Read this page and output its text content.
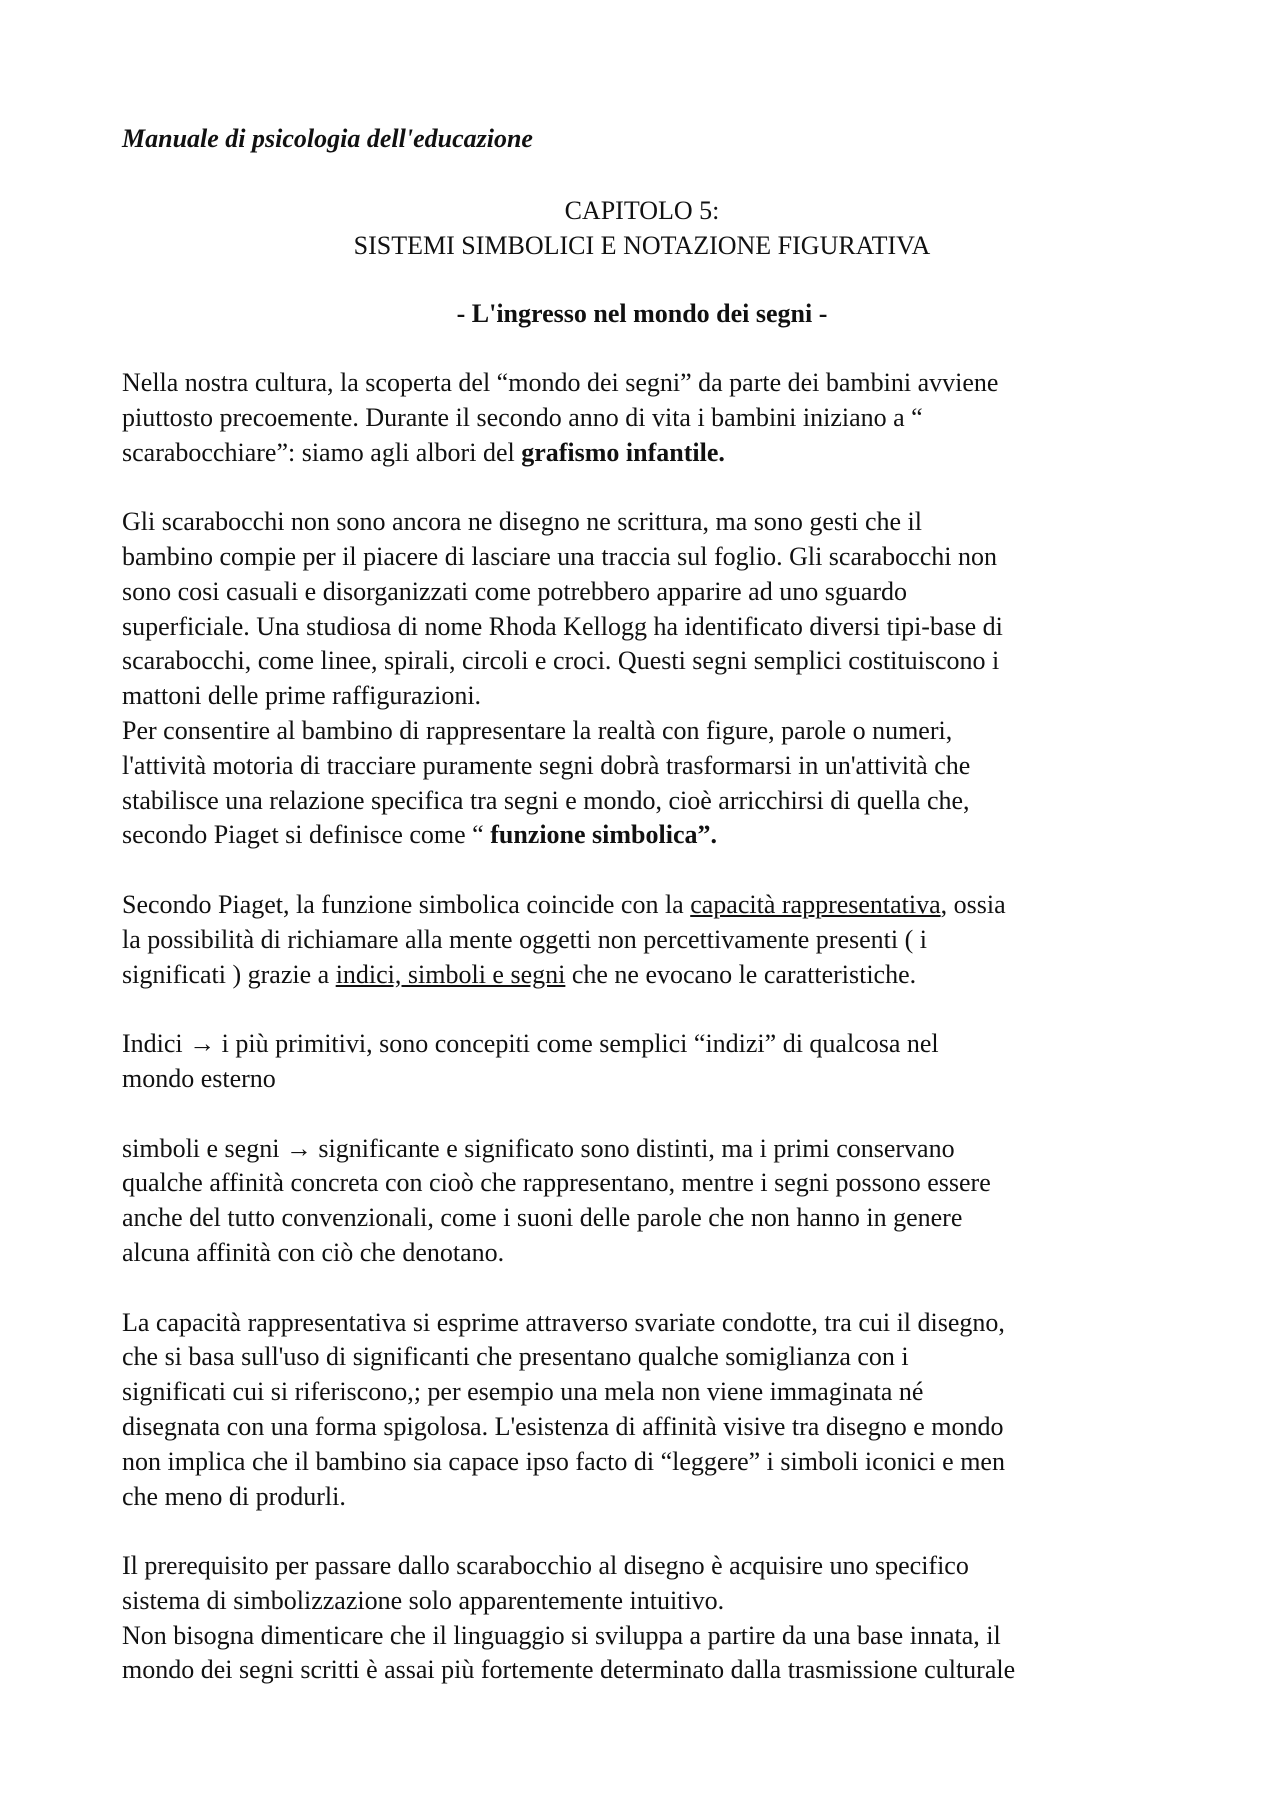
Manuale di psicologia dell'educazione
CAPITOLO 5:
SISTEMI SIMBOLICI E NOTAZIONE FIGURATIVA
- L'ingresso nel mondo dei segni -
Nella nostra cultura, la scoperta del “mondo dei segni” da parte dei bambini avviene
piuttosto precoemente. Durante il secondo anno di vita i bambini iniziano a “
scarabocchiare”: siamo agli albori del grafismo infantile.
Gli scarabocchi non sono ancora ne disegno ne scrittura, ma sono gesti che il
bambino compie per il piacere di lasciare una traccia sul foglio. Gli scarabocchi non
sono cosi casuali e disorganizzati come potrebbero apparire ad uno sguardo
superficiale. Una studiosa di nome Rhoda Kellogg ha identificato diversi tipi-base di
scarabocchi, come linee, spirali, circoli e croci. Questi segni semplici costituiscono i
mattoni delle prime raffigurazioni.
Per consentire al bambino di rappresentare la realtà con figure, parole o numeri,
l'attività motoria di tracciare puramente segni dobrà trasformarsi in un'attività che
stabilisce una relazione specifica tra segni e mondo, cioè arricchirsi di quella che,
secondo Piaget si definisce come “ funzione simbolica”.
Secondo Piaget, la funzione simbolica coincide con la capacità rappresentativa, ossia
la possibilità di richiamare alla mente oggetti non percettivamente presenti ( i
significati ) grazie a indici, simboli e segni che ne evocano le caratteristiche.
Indici → i più primitivi, sono concepiti come semplici “indizi” di qualcosa nel
mondo esterno
simboli e segni → significante e significato sono distinti, ma i primi conservano
qualche affinità concreta con cioò che rappresentano, mentre i segni possono essere
anche del tutto convenzionali, come i suoni delle parole che non hanno in genere
alcuna affinità con ciò che denotano.
La capacità rappresentativa si esprime attraverso svariate condotte, tra cui il disegno,
che si basa sull'uso di significanti che presentano qualche somiglianza con i
significati cui si riferiscono,; per esempio una mela non viene immaginata né
disegnata con una forma spigolosa. L'esistenza di affinità visive tra disegno e mondo
non implica che il bambino sia capace ipso facto di “leggere” i simboli iconici e men
che meno di produrli.
Il prerequisito per passare dallo scarabocchio al disegno è acquisire uno specifico
sistema di simbolizzazione solo apparentemente intuitivo.
Non bisogna dimenticare che il linguaggio si sviluppa a partire da una base innata, il
mondo dei segni scritti è assai più fortemente determinato dalla trasmissione culturale
